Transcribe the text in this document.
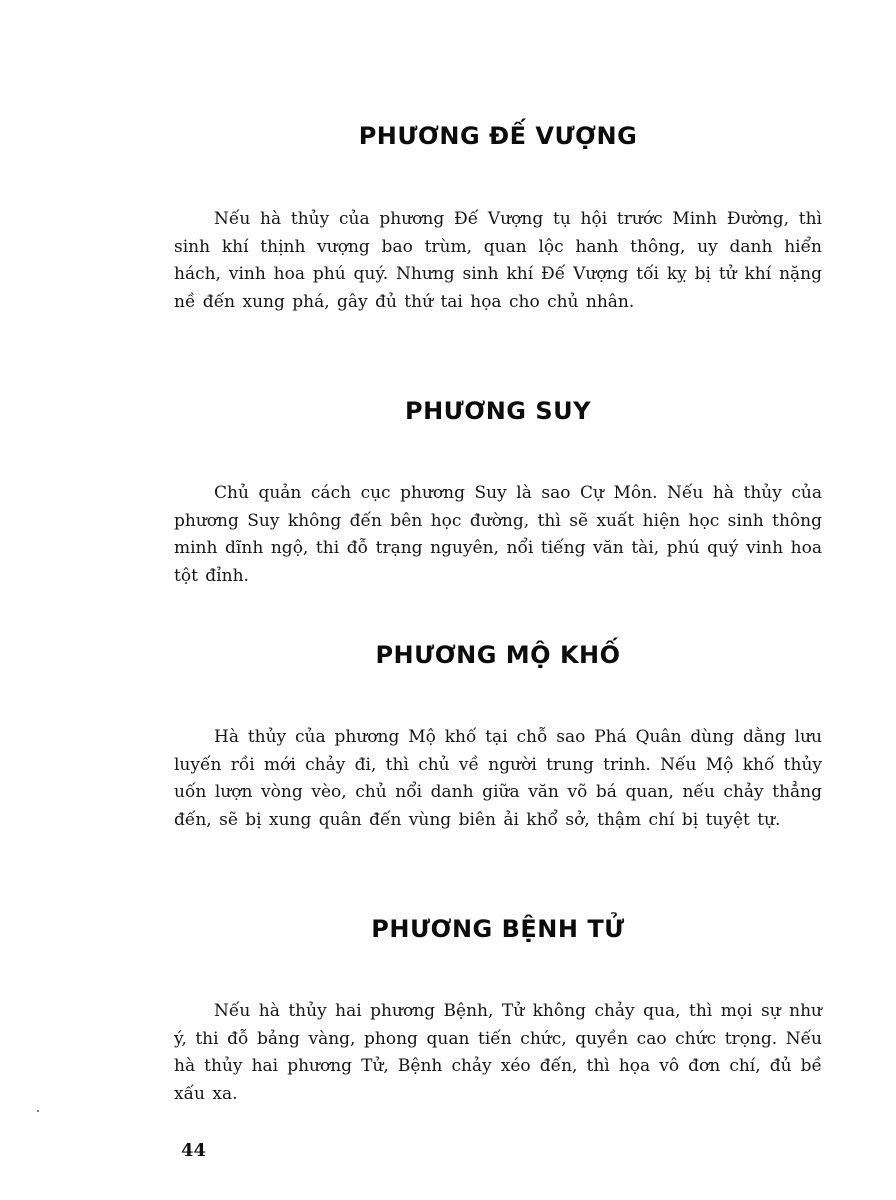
PHƯƠNG ĐẾ VƯỢNG

Nếu hà thủy của phương Đế Vượng tụ hội trước Minh Đường, thì sinh khí thịnh vượng bao trùm, quan lộc hanh thông, uy danh hiển hách, vinh hoa phú quý. Nhưng sinh khí Đế Vượng tối kỵ bị tử khí nặng nề đến xung phá, gây đủ thứ tai họa cho chủ nhân.

PHƯƠNG SUY

Chủ quản cách cục phương Suy là sao Cự Môn. Nếu hà thủy của phương Suy không đến bên học đường, thì sẽ xuất hiện học sinh thông minh dĩnh ngộ, thi đỗ trạng nguyên, nổi tiếng văn tài, phú quý vinh hoa tột đỉnh.

PHƯƠNG MỘ KHỐ

Hà thủy của phương Mộ khố tại chỗ sao Phá Quân dùng dằng lưu luyến rồi mới chảy đi, thì chủ về người trung trinh. Nếu Mộ khố thủy uốn lượn vòng vèo, chủ nổi danh giữa văn võ bá quan, nếu chảy thẳng đến, sẽ bị xung quân đến vùng biên ải khổ sở, thậm chí bị tuyệt tự.

PHƯƠNG BỆNH TỬ

Nếu hà thủy hai phương Bệnh, Tử không chảy qua, thì mọi sự như ý, thi đỗ bảng vàng, phong quan tiến chức, quyền cao chức trọng. Nếu hà thủy hai phương Tử, Bệnh chảy xéo đến, thì họa vô đơn chí, đủ bề xấu xa.

44
